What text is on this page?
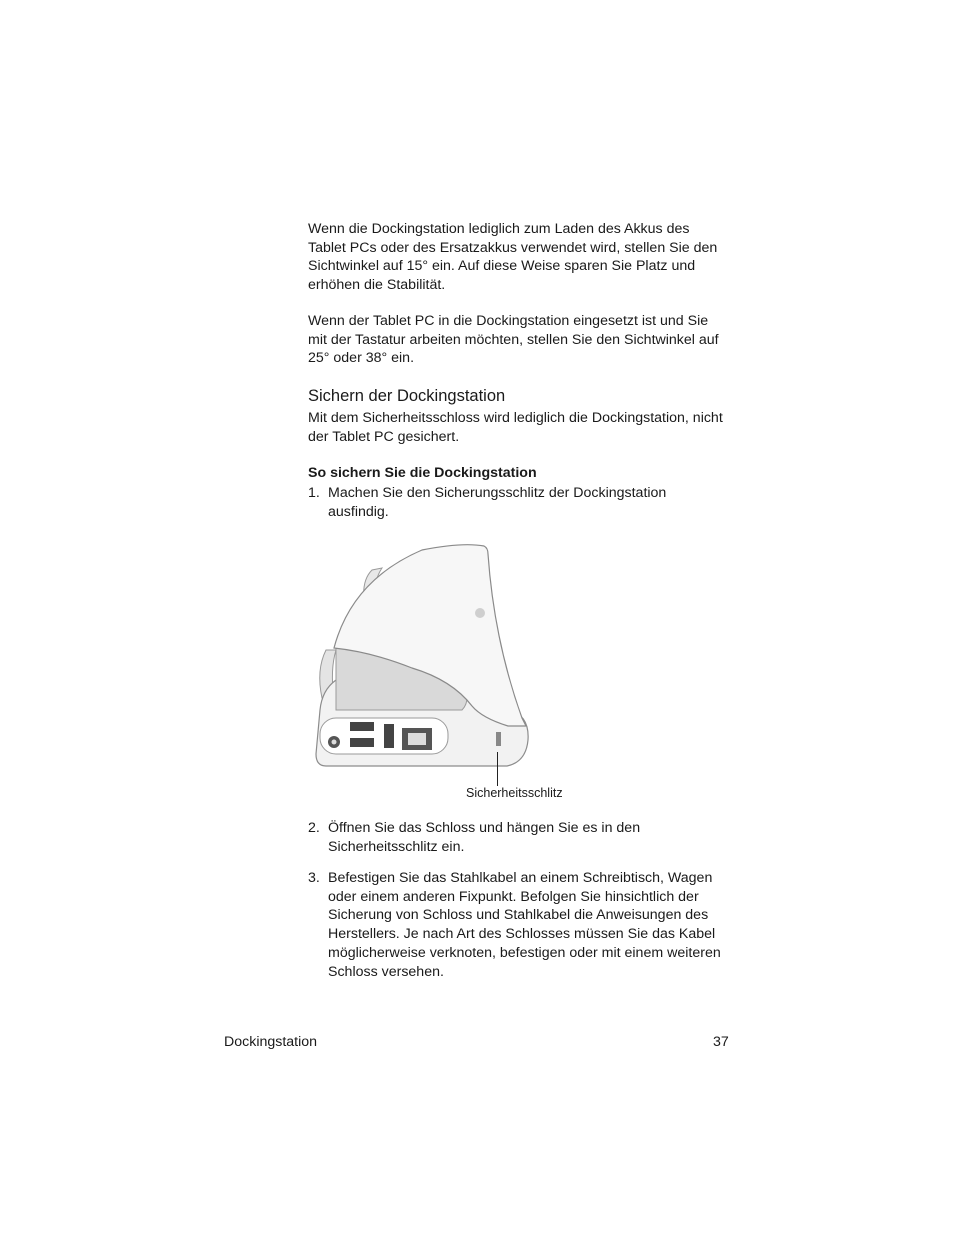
Wenn die Dockingstation lediglich zum Laden des Akkus des Tablet PCs oder des Ersatzakkus verwendet wird, stellen Sie den Sichtwinkel auf 15° ein. Auf diese Weise sparen Sie Platz und erhöhen die Stabilität.

Wenn der Tablet PC in die Dockingstation eingesetzt ist und Sie mit der Tastatur arbeiten möchten, stellen Sie den Sichtwinkel auf 25° oder 38° ein.

Sichern der Dockingstation

Mit dem Sicherheitsschloss wird lediglich die Dockingstation, nicht der Tablet PC gesichert.

So sichern Sie die Dockingstation
1. Machen Sie den Sicherungsschlitz der Dockingstation ausfindig.
Sicherheitsschlitz
2. Öffnen Sie das Schloss und hängen Sie es in den Sicherheitsschlitz ein.
3. Befestigen Sie das Stahlkabel an einem Schreibtisch, Wagen oder einem anderen Fixpunkt. Befolgen Sie hinsichtlich der Sicherung von Schloss und Stahlkabel die Anweisungen des Herstellers. Je nach Art des Schlosses müssen Sie das Kabel möglicherweise verknoten, befestigen oder mit einem weiteren Schloss versehen.
Dockingstation	37
